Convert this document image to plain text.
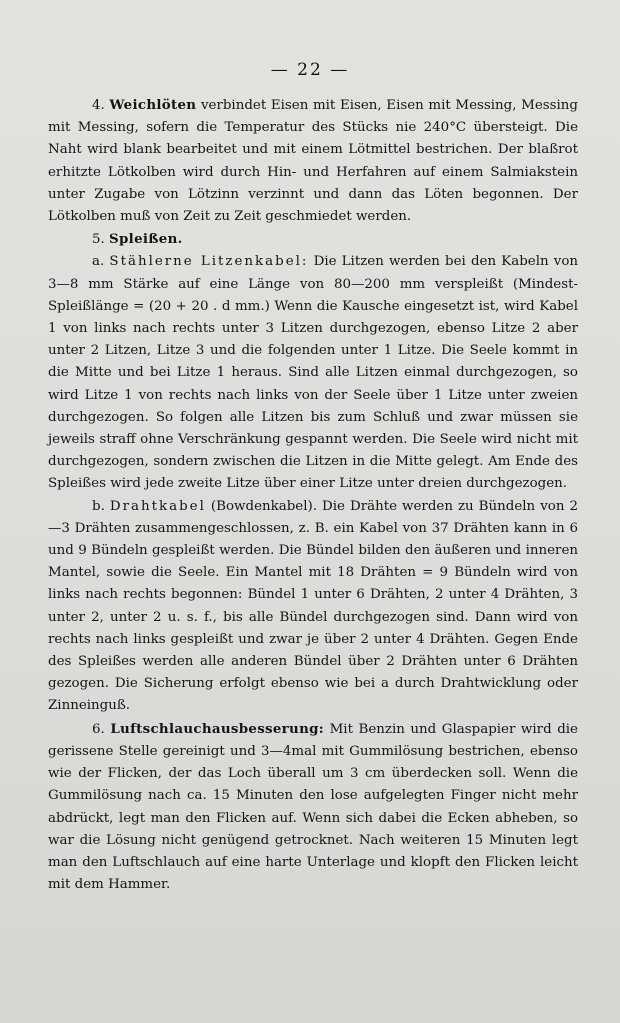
— 22 —

4. Weichlöten verbindet Eisen mit Eisen, Eisen mit Messing, Messing mit Messing, sofern die Temperatur des Stücks nie 240°C übersteigt. Die Naht wird blank bearbeitet und mit einem Lötmittel bestrichen. Der blaßrot erhitzte Lötkolben wird durch Hin- und Herfahren auf einem Salmiakstein unter Zugabe von Lötzinn verzinnt und dann das Löten begonnen. Der Lötkolben muß von Zeit zu Zeit geschmiedet werden.

5. Spleißen.

a. Stählerne Litzenkabel: Die Litzen werden bei den Kabeln von 3—8 mm Stärke auf eine Länge von 80—200 mm verspleißt (Mindest-Spleißlänge = (20 + 20 . d mm.) Wenn die Kausche eingesetzt ist, wird Kabel 1 von links nach rechts unter 3 Litzen durchgezogen, ebenso Litze 2 aber unter 2 Litzen, Litze 3 und die folgenden unter 1 Litze. Die Seele kommt in die Mitte und bei Litze 1 heraus. Sind alle Litzen einmal durchgezogen, so wird Litze 1 von rechts nach links von der Seele über 1 Litze unter zweien durchgezogen. So folgen alle Litzen bis zum Schluß und zwar müssen sie jeweils straff ohne Verschränkung gespannt werden. Die Seele wird nicht mit durchgezogen, sondern zwischen die Litzen in die Mitte gelegt. Am Ende des Spleißes wird jede zweite Litze über einer Litze unter dreien durchgezogen.

b. Drahtkabel (Bowdenkabel). Die Drähte werden zu Bündeln von 2—3 Drähten zusammengeschlossen, z. B. ein Kabel von 37 Drähten kann in 6 und 9 Bündeln gespleißt werden. Die Bündel bilden den äußeren und inneren Mantel, sowie die Seele. Ein Mantel mit 18 Drähten = 9 Bündeln wird von links nach rechts begonnen: Bündel 1 unter 6 Drähten, 2 unter 4 Drähten, 3 unter 2, unter 2 u. s. f., bis alle Bündel durchgezogen sind. Dann wird von rechts nach links gespleißt und zwar je über 2 unter 4 Drähten. Gegen Ende des Spleißes werden alle anderen Bündel über 2 Drähten unter 6 Drähten gezogen. Die Sicherung erfolgt ebenso wie bei a durch Drahtwicklung oder Zinneinguß.

6. Luftschlauchausbesserung: Mit Benzin und Glaspapier wird die gerissene Stelle gereinigt und 3—4mal mit Gummilösung bestrichen, ebenso wie der Flicken, der das Loch überall um 3 cm überdecken soll. Wenn die Gummilösung nach ca. 15 Minuten den lose aufgelegten Finger nicht mehr abdrückt, legt man den Flicken auf. Wenn sich dabei die Ecken abheben, so war die Lösung nicht genügend getrocknet. Nach weiteren 15 Minuten legt man den Luftschlauch auf eine harte Unterlage und klopft den Flicken leicht mit dem Hammer.
